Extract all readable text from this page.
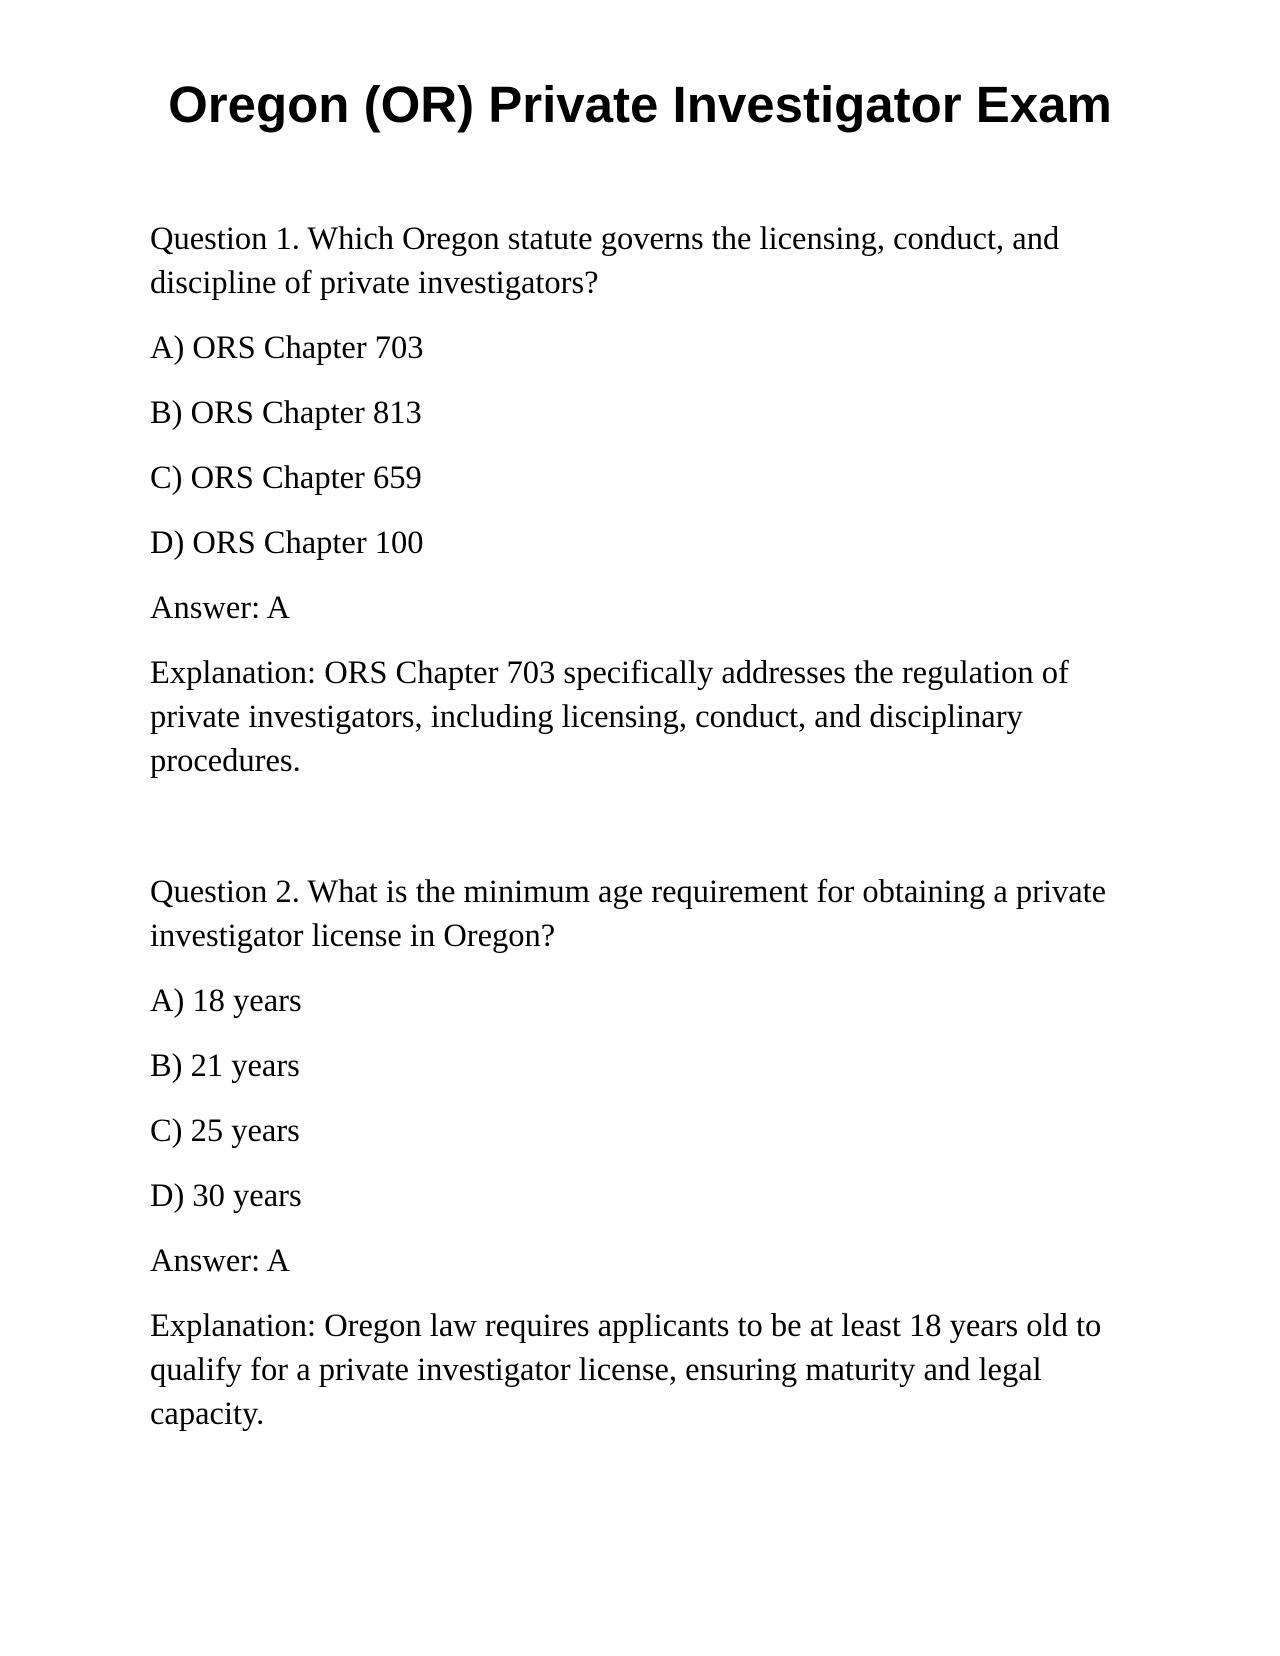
Oregon (OR) Private Investigator Exam

Question 1. Which Oregon statute governs the licensing, conduct, and discipline of private investigators?

A) ORS Chapter 703

B) ORS Chapter 813

C) ORS Chapter 659

D) ORS Chapter 100

Answer: A

Explanation: ORS Chapter 703 specifically addresses the regulation of private investigators, including licensing, conduct, and disciplinary procedures.

Question 2. What is the minimum age requirement for obtaining a private investigator license in Oregon?

A) 18 years

B) 21 years

C) 25 years

D) 30 years

Answer: A

Explanation: Oregon law requires applicants to be at least 18 years old to qualify for a private investigator license, ensuring maturity and legal capacity.
